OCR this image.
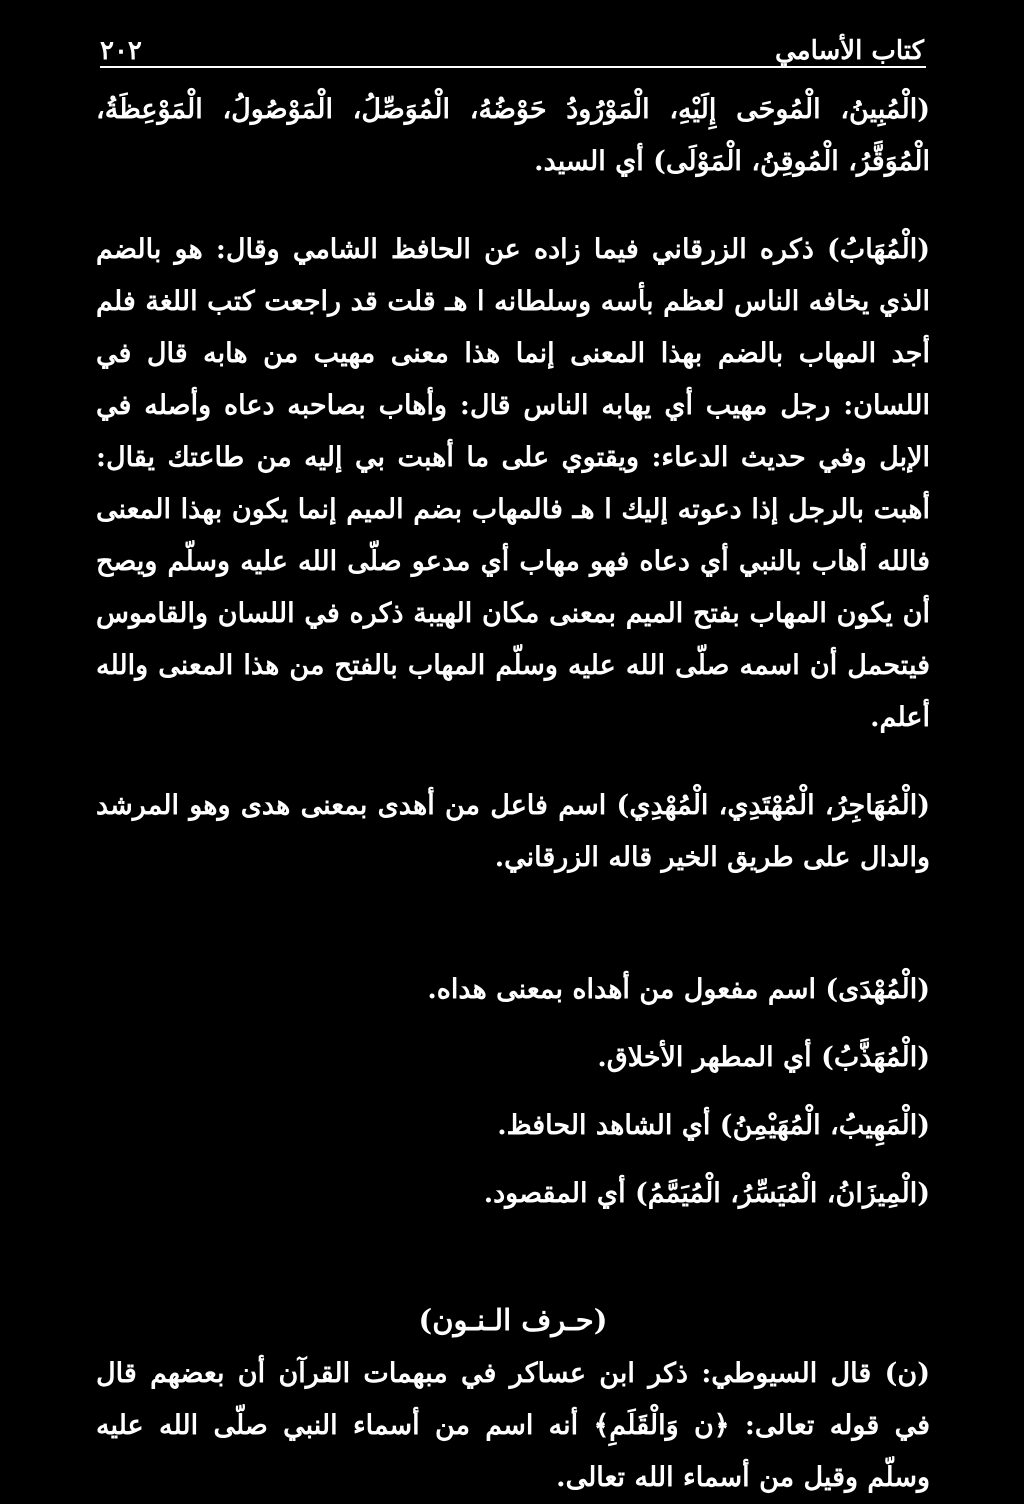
كتاب الأسامي
٢٠٢

(الْمُبِينُ، الْمُوحَى إِلَيْهِ، الْمَوْرُودُ حَوْضُهُ، الْمُوَصِّلُ، الْمَوْصُولُ، الْمَوْعِظَةُ، الْمُوَقَّرُ، الْمُوقِنُ، الْمَوْلَى) أي السيد.

(الْمُهَابُ) ذكره الزرقاني فيما زاده عن الحافظ الشامي وقال: هو بالضم الذي يخافه الناس لعظم بأسه وسلطانه ا هـ قلت قد راجعت كتب اللغة فلم أجد المهاب بالضم بهذا المعنى إنما هذا معنى مهيب من هابه قال في اللسان: رجل مهيب أي يهابه الناس قال: وأهاب بصاحبه دعاه وأصله في الإبل وفي حديث الدعاء: ويقتوي على ما أهبت بي إليه من طاعتك يقال: أهبت بالرجل إذا دعوته إليك ا هـ فالمهاب بضم الميم إنما يكون بهذا المعنى فالله أهاب بالنبي أي دعاه فهو مهاب أي مدعو صلّى الله عليه وسلّم ويصح أن يكون المهاب بفتح الميم بمعنى مكان الهيبة ذكره في اللسان والقاموس فيتحمل أن اسمه صلّى الله عليه وسلّم المهاب بالفتح من هذا المعنى والله أعلم.

(الْمُهَاجِرُ، الْمُهْتَدِي، الْمُهْدِي) اسم فاعل من أهدى بمعنى هدى وهو المرشد والدال على طريق الخير قاله الزرقاني.

(الْمُهْدَى) اسم مفعول من أهداه بمعنى هداه.

(الْمُهَذَّبُ) أي المطهر الأخلاق.

(الْمَهِيبُ، الْمُهَيْمِنُ) أي الشاهد الحافظ.

(الْمِيزَانُ، الْمُيَسِّرُ، الْمُيَمَّمُ) أي المقصود.

(حـرف الـنـون)

(ن) قال السيوطي: ذكر ابن عساكر في مبهمات القرآن أن بعضهم قال في قوله تعالى: ﴿ن وَالْقَلَمِ﴾ أنه اسم من أسماء النبي صلّى الله عليه وسلّم وقيل من أسماء الله تعالى.
